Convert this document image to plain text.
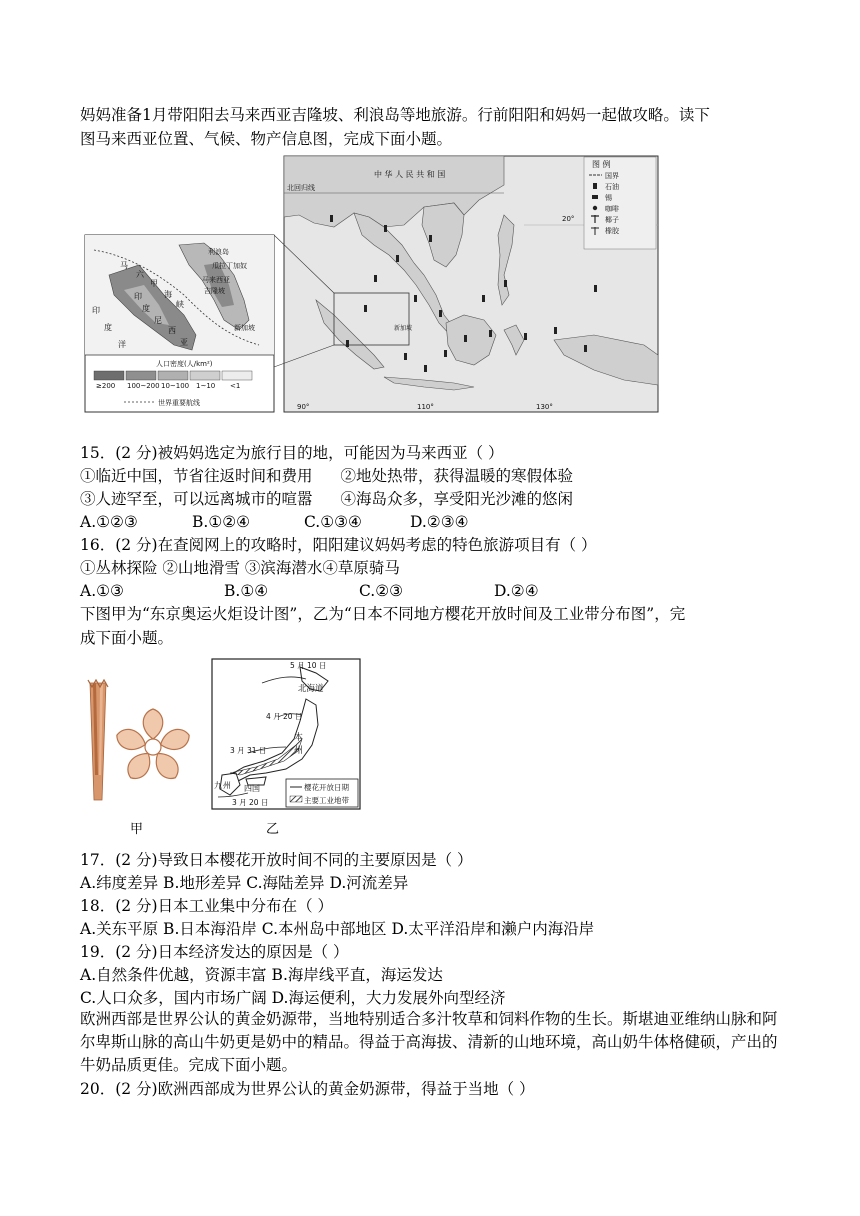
妈妈准备1月带阳阳去马来西亚吉隆坡、利浪岛等地旅游。行前阳阳和妈妈一起做攻略。读下
图马来西亚位置、气候、物产信息图，完成下面小题。
中 华 人 民 共 和 国
北回归线
20°
90°	110°	130°
新加坡
图 例
国界
石油
锡
咖啡
椰子
橡胶
利浪岛
瓜拉丁加奴
马来西亚
吉隆坡
新加坡
马
六
甲
海
峡
印
度
尼
西
亚
印
度
洋
人口密度(人/km²)
≥200 100~200 10~100 1~10 <1
世界重要航线
15．(2 分)被妈妈选定为旅行目的地，可能因为马来西亚（ ）
①临近中国，节省往返时间和费用 ②地处热带，获得温暖的寒假体验
③人迹罕至，可以远离城市的喧嚣 ④海岛众多，享受阳光沙滩的悠闲
A.①②③	B.①②④	C.①③④	D.②③④
16．(2 分)在查阅网上的攻略时，阳阳建议妈妈考虑的特色旅游项目有（ ）
①丛林探险 ②山地滑雪 ③滨海潜水④草原骑马
A.①③	B.①④	C.②③	D.②④
下图甲为“东京奥运火炬设计图”，乙为“日本不同地方樱花开放时间及工业带分布图”，完
成下面小题。
5 月 10 日
北海道
4 月 20 日
本
州
3 月 31 日
九 州 四国
3 月 20 日
樱花开放日期
主要工业地带
甲	乙
17．(2 分)导致日本樱花开放时间不同的主要原因是（ ）
A.纬度差异 B.地形差异 C.海陆差异 D.河流差异
18．(2 分)日本工业集中分布在（ ）
A.关东平原 B.日本海沿岸 C.本州岛中部地区 D.太平洋沿岸和濑户内海沿岸
19．(2 分)日本经济发达的原因是（ ）
A.自然条件优越，资源丰富 B.海岸线平直，海运发达
C.人口众多，国内市场广阔 D.海运便利，大力发展外向型经济
欧洲西部是世界公认的黄金奶源带，当地特别适合多汁牧草和饲料作物的生长。斯堪迪亚维纳山脉和阿尔卑斯山脉的高山牛奶更是奶中的精品。得益于高海拔、清新的山地环境，高山奶牛体格健硕，产出的牛奶品质更佳。完成下面小题。
20．(2 分)欧洲西部成为世界公认的黄金奶源带，得益于当地（ ）
